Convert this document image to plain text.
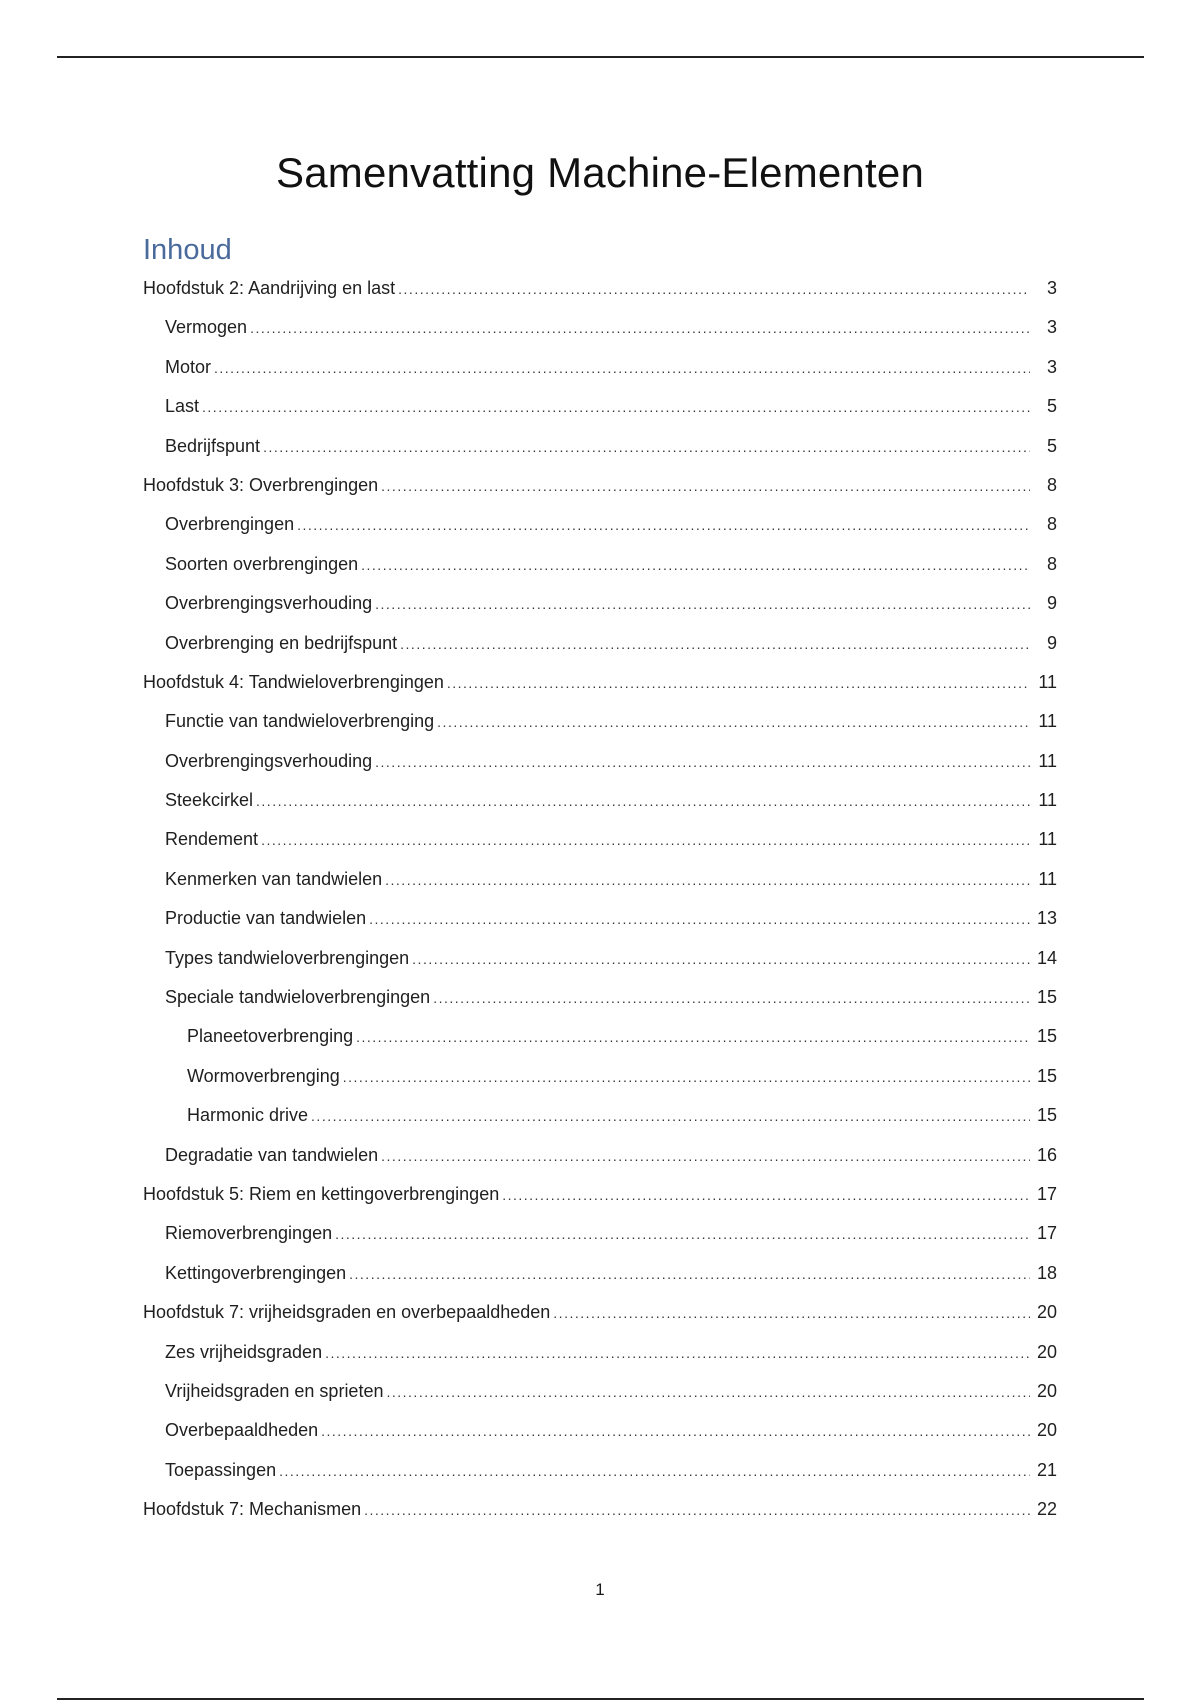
Samenvatting Machine-Elementen
Inhoud
Hoofdstuk 2: Aandrijving en last .....	3
Vermogen .....	3
Motor .....	3
Last .....	5
Bedrijfspunt .....	5
Hoofdstuk 3: Overbrengingen .....	8
Overbrengingen .....	8
Soorten overbrengingen .....	8
Overbrengingsverhouding .....	9
Overbrenging en bedrijfspunt .....	9
Hoofdstuk 4: Tandwieloverbrengingen .....	11
Functie van tandwieloverbrenging .....	11
Overbrengingsverhouding .....	11
Steekcirkel .....	11
Rendement .....	11
Kenmerken van tandwielen .....	11
Productie van tandwielen .....	13
Types tandwieloverbrengingen .....	14
Speciale tandwieloverbrengingen .....	15
Planeetoverbrenging .....	15
Wormoverbrenging .....	15
Harmonic drive .....	15
Degradatie van tandwielen .....	16
Hoofdstuk 5: Riem en kettingoverbrengingen .....	17
Riemoverbrengingen .....	17
Kettingoverbrengingen .....	18
Hoofdstuk 7: vrijheidsgraden en overbepaaldheden .....	20
Zes vrijheidsgraden .....	20
Vrijheidsgraden en sprieten .....	20
Overbepaaldheden .....	20
Toepassingen .....	21
Hoofdstuk 7: Mechanismen .....	22
1
